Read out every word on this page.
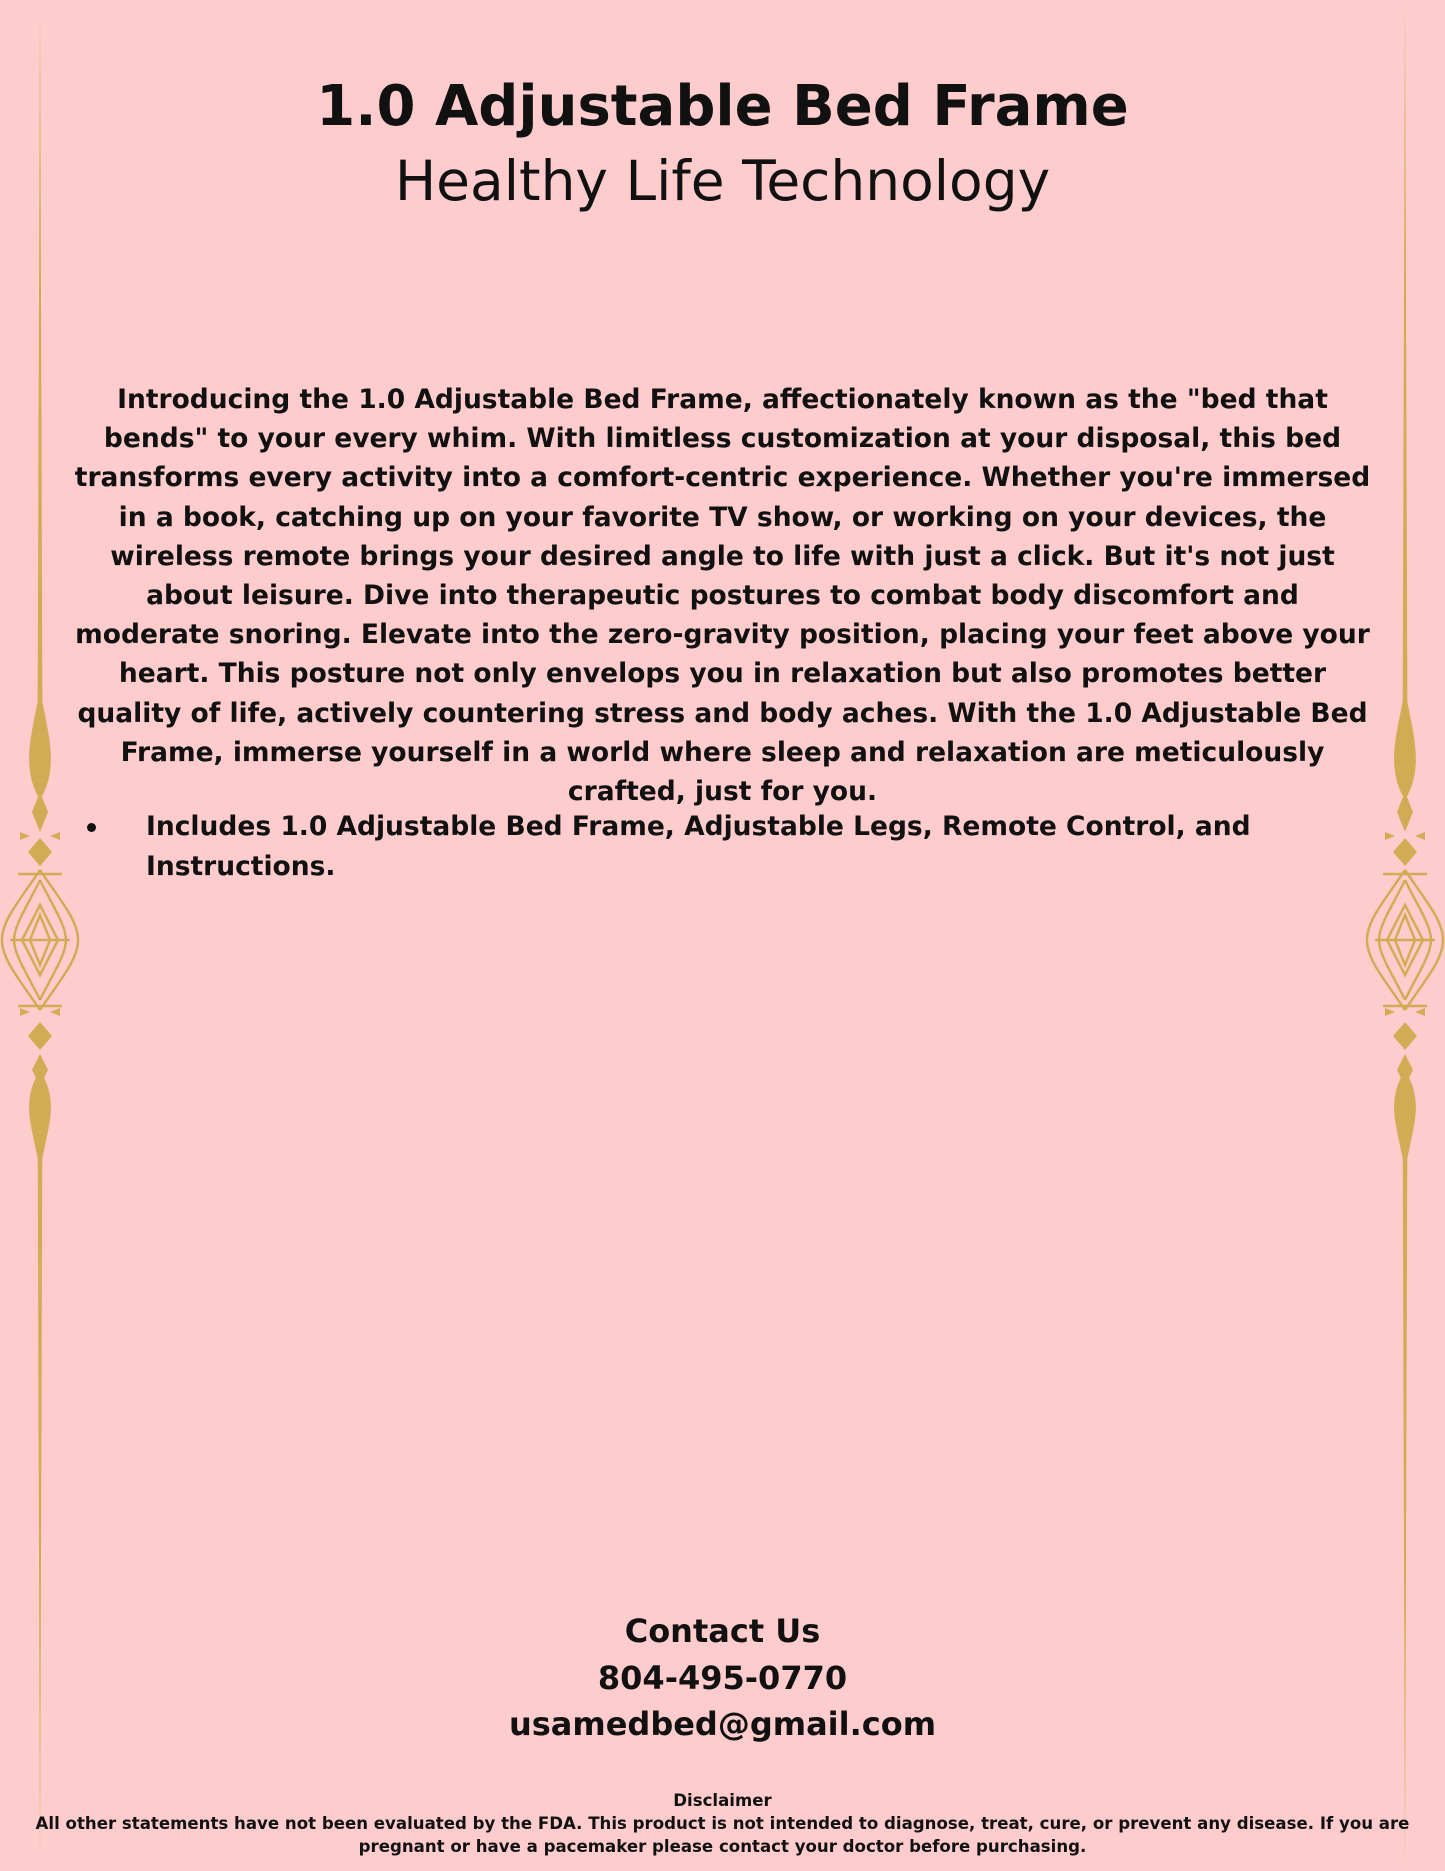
1.0 Adjustable Bed Frame
Healthy Life Technology

Introducing the 1.0 Adjustable Bed Frame, affectionately known as the "bed that bends" to your every whim. With limitless customization at your disposal, this bed transforms every activity into a comfort-centric experience. Whether you're immersed in a book, catching up on your favorite TV show, or working on your devices, the wireless remote brings your desired angle to life with just a click. But it's not just about leisure. Dive into therapeutic postures to combat body discomfort and moderate snoring. Elevate into the zero-gravity position, placing your feet above your heart. This posture not only envelops you in relaxation but also promotes better quality of life, actively countering stress and body aches. With the 1.0 Adjustable Bed Frame, immerse yourself in a world where sleep and relaxation are meticulously crafted, just for you.

Includes 1.0 Adjustable Bed Frame, Adjustable Legs, Remote Control, and Instructions.
Contact Us
804-495-0770
usamedbed@gmail.com
Disclaimer
All other statements have not been evaluated by the FDA. This product is not intended to diagnose, treat, cure, or prevent any disease. If you are pregnant or have a pacemaker please contact your doctor before purchasing.
